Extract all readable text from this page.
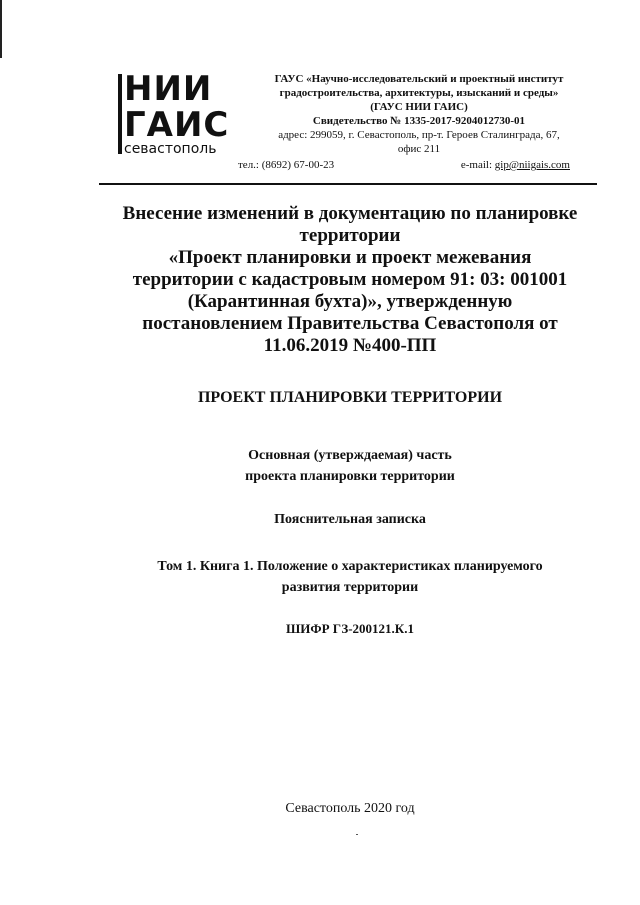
НИИ
ГАИС
севастополь
ГАУС «Научно-исследовательский и проектный институт
градостроительства, архитектуры, изысканий и среды»
(ГАУС НИИ ГАИС)
Свидетельство № 1335-2017-9204012730-01
адрес: 299059, г. Севастополь, пр-т. Героев Сталинграда, 67,
офис 211
тел.: (8692) 67-00-23	e-mail: gip@niigais.com
Внесение изменений в документацию по планировке
территории
«Проект планировки и проект межевания
территории с кадастровым номером 91: 03: 001001
(Карантинная бухта)», утвержденную
постановлением Правительства Севастополя от
11.06.2019 №400-ПП
ПРОЕКТ ПЛАНИРОВКИ ТЕРРИТОРИИ
Основная (утверждаемая) часть
проекта планировки территории
Пояснительная записка
Том 1. Книга 1. Положение о характеристиках планируемого
развития территории
ШИФР ГЗ-200121.К.1
Севастополь 2020 год
